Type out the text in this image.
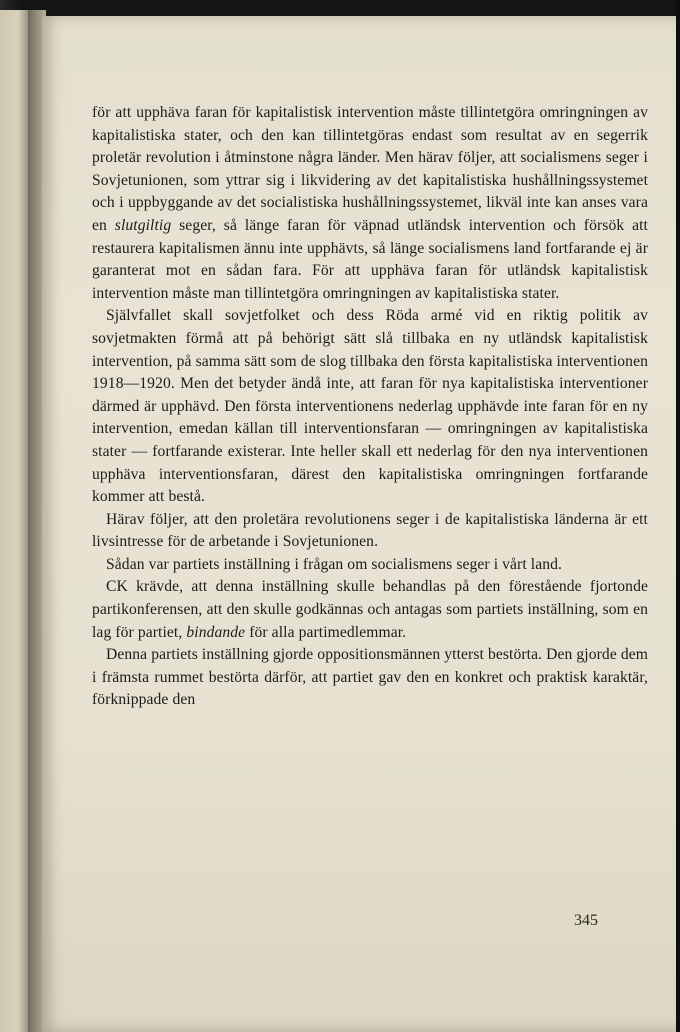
för att upphäva faran för kapitalistisk intervention måste tillintetgöra omringningen av kapitalistiska stater, och den kan tillintetgöras endast som resultat av en segerrik proletär revolution i åtminstone några länder. Men härav följer, att socialismens seger i Sovjetunionen, som yttrar sig i likvidering av det kapitalistiska hushållningssystemet och i uppbyggande av det socialistiska hushållningssystemet, likväl inte kan anses vara en slutgiltig seger, så länge faran för väpnad utländsk intervention och försök att restaurera kapitalismen ännu inte upphävts, så länge socialismens land fortfarande ej är garanterat mot en sådan fara. För att upphäva faran för utländsk kapitalistisk intervention måste man tillintetgöra omringningen av kapitalistiska stater.

Självfallet skall sovjetfolket och dess Röda armé vid en riktig politik av sovjetmakten förmå att på behörigt sätt slå tillbaka en ny utländsk kapitalistisk intervention, på samma sätt som de slog tillbaka den första kapitalistiska interventionen 1918—1920. Men det betyder ändå inte, att faran för nya kapitalistiska interventioner därmed är upphävd. Den första interventionens nederlag upphävde inte faran för en ny intervention, emedan källan till interventionsfaran — omringningen av kapitalistiska stater — fortfarande existerar. Inte heller skall ett nederlag för den nya interventionen upphäva interventionsfaran, därest den kapitalistiska omringningen fortfarande kommer att bestå.

Härav följer, att den proletära revolutionens seger i de kapitalistiska länderna är ett livsintresse för de arbetande i Sovjetunionen.

Sådan var partiets inställning i frågan om socialismens seger i vårt land.

CK krävde, att denna inställning skulle behandlas på den förestående fjortonde partikonferensen, att den skulle godkännas och antagas som partiets inställning, som en lag för partiet, bindande för alla partimedlemmar.

Denna partiets inställning gjorde oppositionsmännen ytterst bestörta. Den gjorde dem i främsta rummet bestörta därför, att partiet gav den en konkret och praktisk karaktär, förknippade den

345
